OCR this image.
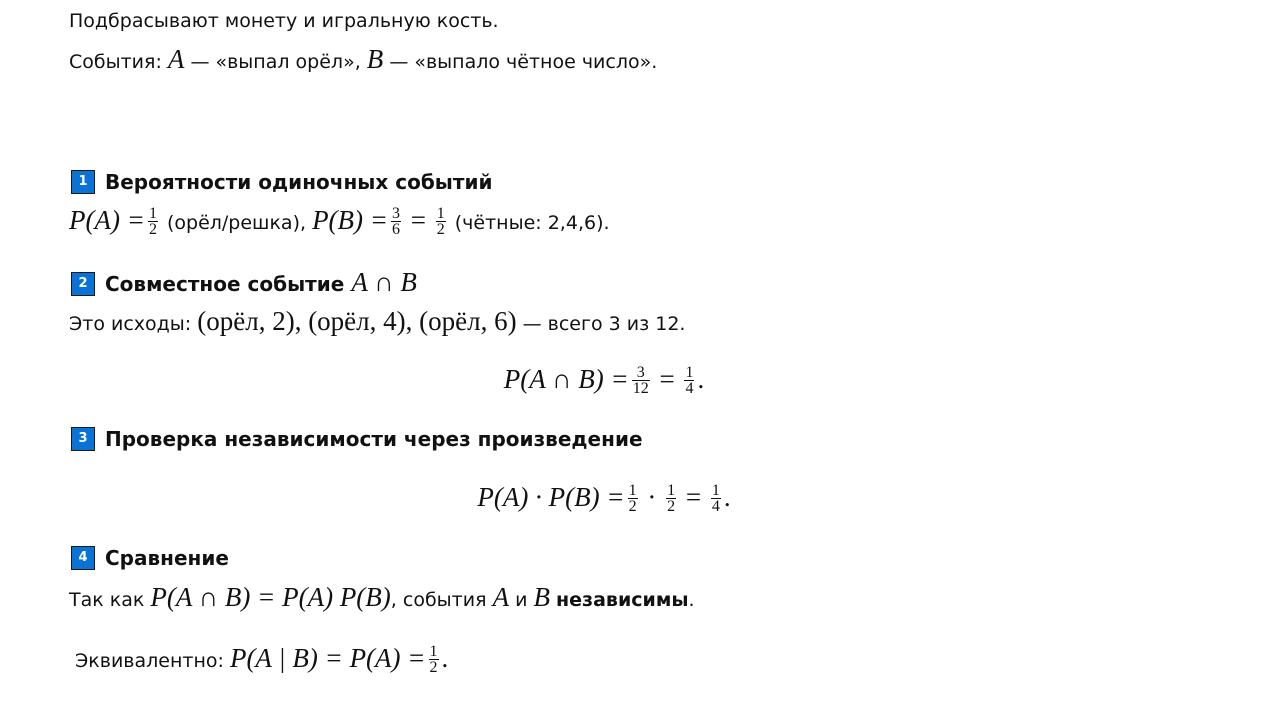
Подбрасывают монету и игральную кость.
События: A — «выпал орёл», B — «выпало чётное число».
1 Вероятности одиночных событий
$P(A) = \frac{1}{2}$ (орёл/решка), $P(B) = \frac{3}{6} = \frac{1}{2}$ (чётные: 2,4,6).
2 Совместное событие A ∩ B
Это исходы: (орёл, 2), (орёл, 4), (орёл, 6) — всего 3 из 12.
P(A ∩ $B) = \frac{3}{12} = \frac{1}{4}$ .
3 Проверка независимости через произведение
$P(A) \cdot P(B) = \frac{1}{2} \cdot \frac{1}{2} = \frac{1}{4}$ .
4 Сравнение
Так как P(A ∩ B) = P(A) P(B), события A и B независимы.
Эквивалентно: P(A | $B) = P(A) = \frac{1}{2}$ .
